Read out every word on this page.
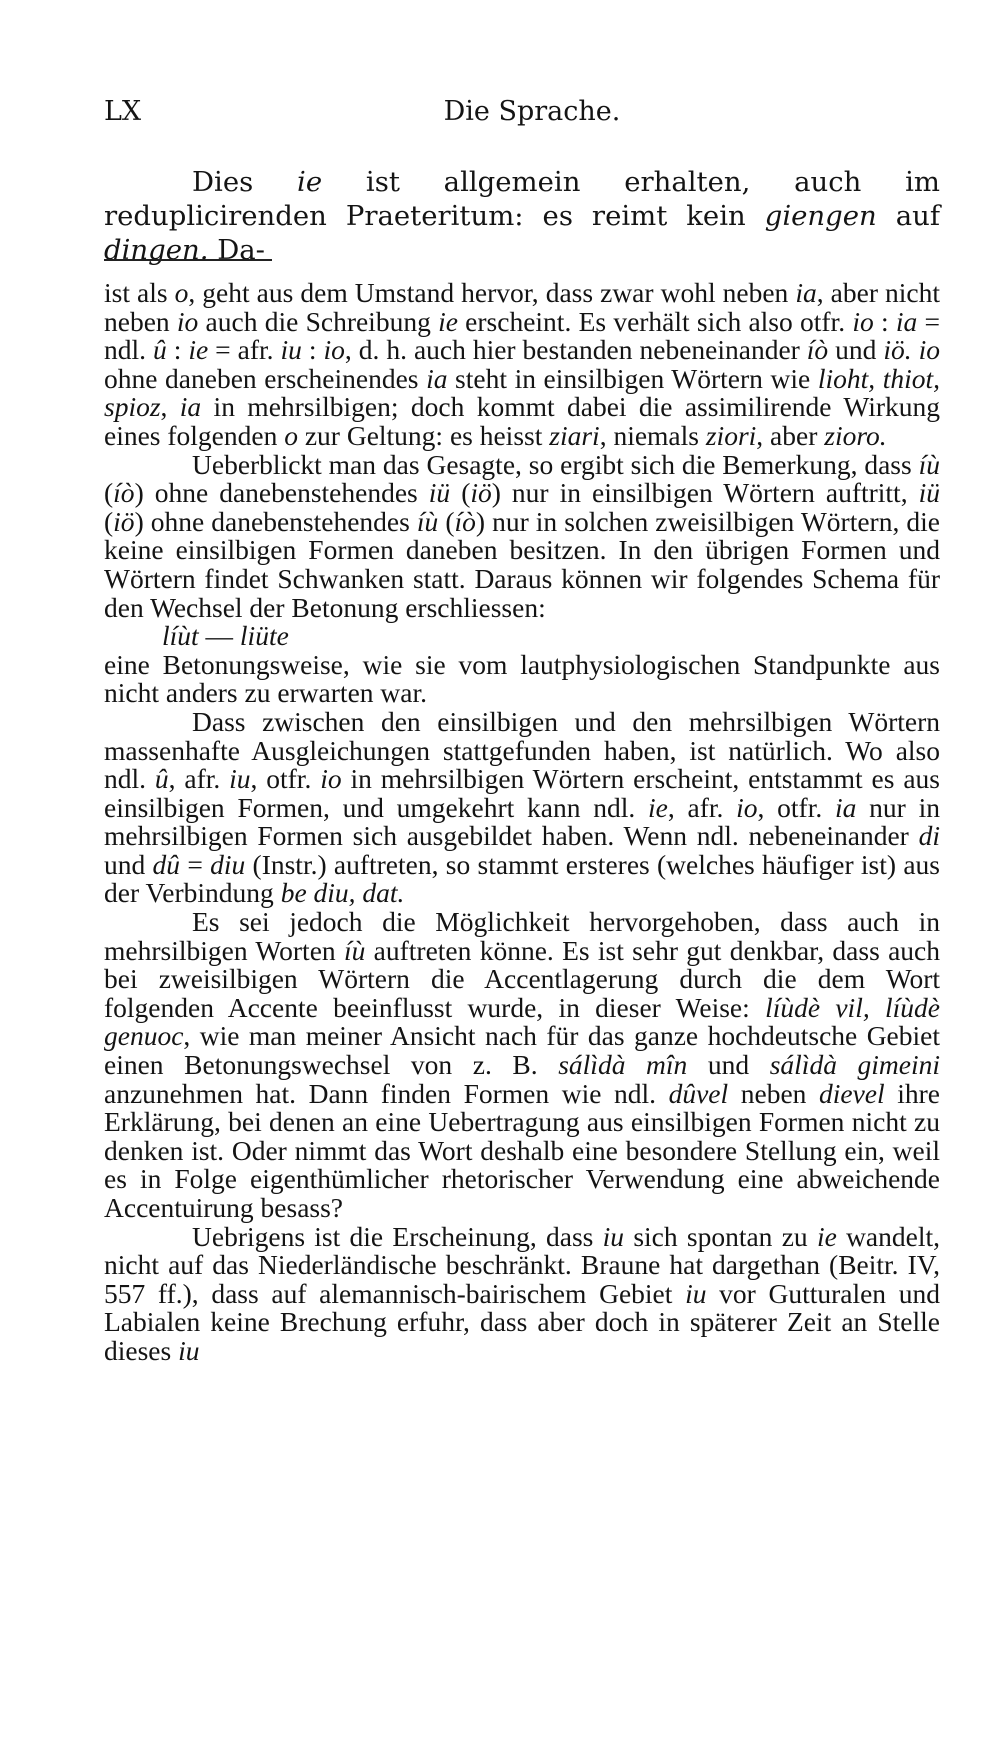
LX	Die Sprache.

Dies ie ist allgemein erhalten, auch im reduplicirenden Praeteritum: es reimt kein giengen auf dingen. Da-

ist als o, geht aus dem Umstand hervor, dass zwar wohl neben ia, aber nicht neben io auch die Schreibung ie erscheint. Es verhält sich also otfr. io : ia = ndl. û : ie = afr. iu : io, d. h. auch hier bestanden nebeneinander íò und iö. io ohne daneben erscheinendes ia steht in einsilbigen Wörtern wie lioht, thiot, spioz, ia in mehrsilbigen; doch kommt dabei die assimilirende Wirkung eines folgenden o zur Geltung: es heisst ziari, niemals ziori, aber zioro.

Ueberblickt man das Gesagte, so ergibt sich die Bemerkung, dass íù (íò) ohne danebenstehendes iü (iö) nur in einsilbigen Wörtern auftritt, iü (iö) ohne danebenstehendes íù (íò) nur in solchen zweisilbigen Wörtern, die keine einsilbigen Formen daneben besitzen. In den übrigen Formen und Wörtern findet Schwanken statt. Daraus können wir folgendes Schema für den Wechsel der Betonung erschliessen:

líùt — liüte

eine Betonungsweise, wie sie vom lautphysiologischen Standpunkte aus nicht anders zu erwarten war.

Dass zwischen den einsilbigen und den mehrsilbigen Wörtern massenhafte Ausgleichungen stattgefunden haben, ist natürlich. Wo also ndl. û, afr. iu, otfr. io in mehrsilbigen Wörtern erscheint, entstammt es aus einsilbigen Formen, und umgekehrt kann ndl. ie, afr. io, otfr. ia nur in mehrsilbigen Formen sich ausgebildet haben. Wenn ndl. nebeneinander di und dû = diu (Instr.) auftreten, so stammt ersteres (welches häufiger ist) aus der Verbindung be diu, dat.

Es sei jedoch die Möglichkeit hervorgehoben, dass auch in mehrsilbigen Worten íù auftreten könne. Es ist sehr gut denkbar, dass auch bei zweisilbigen Wörtern die Accentlagerung durch die dem Wort folgenden Accente beeinflusst wurde, in dieser Weise: líùdè vil, líùdè genuoc, wie man meiner Ansicht nach für das ganze hochdeutsche Gebiet einen Betonungswechsel von z. B. sálìdà mîn und sálìdà gimeini anzunehmen hat. Dann finden Formen wie ndl. dûvel neben dievel ihre Erklärung, bei denen an eine Uebertragung aus einsilbigen Formen nicht zu denken ist. Oder nimmt das Wort deshalb eine besondere Stellung ein, weil es in Folge eigenthümlicher rhetorischer Verwendung eine abweichende Accentuirung besass?

Uebrigens ist die Erscheinung, dass iu sich spontan zu ie wandelt, nicht auf das Niederländische beschränkt. Braune hat dargethan (Beitr. IV, 557 ff.), dass auf alemannisch-bairischem Gebiet iu vor Gutturalen und Labialen keine Brechung erfuhr, dass aber doch in späterer Zeit an Stelle dieses iu
